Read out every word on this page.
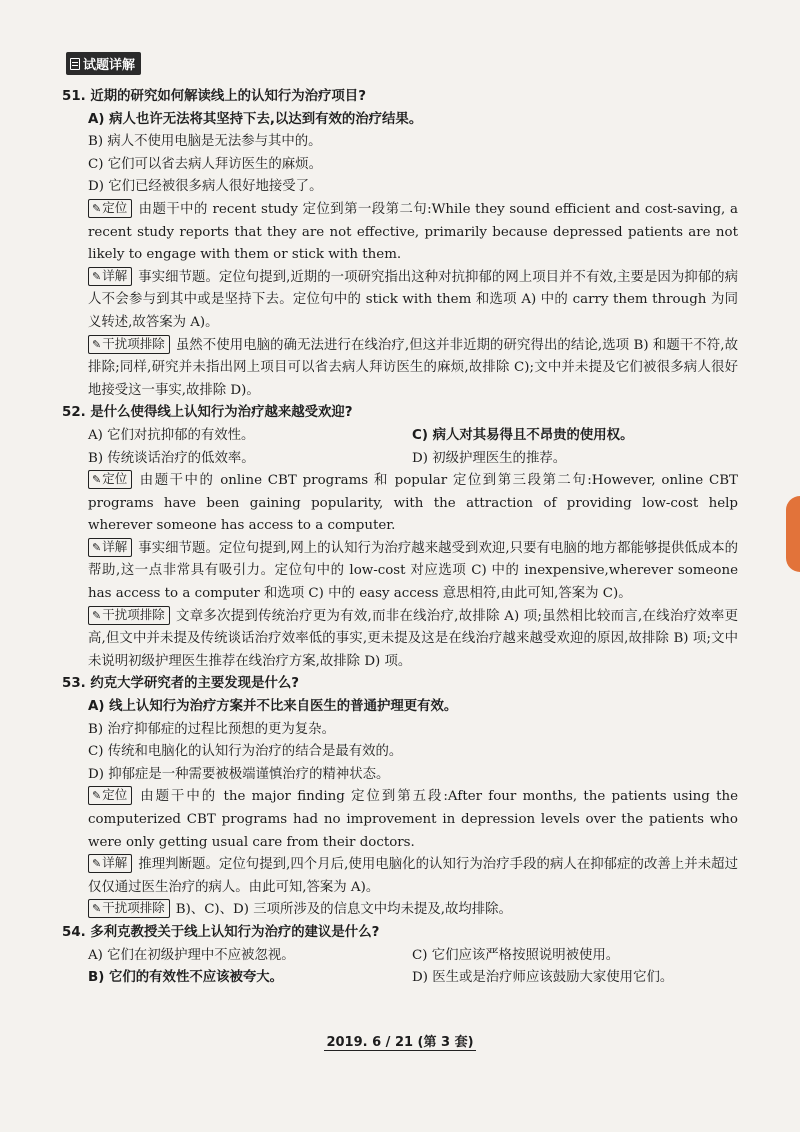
试题详解

51. 近期的研究如何解读线上的认知行为治疗项目?

A) 病人也许无法将其坚持下去,以达到有效的治疗结果。

B) 病人不使用电脑是无法参与其中的。

C) 它们可以省去病人拜访医生的麻烦。

D) 它们已经被很多病人很好地接受了。

✎定位 由题干中的 recent study 定位到第一段第二句:While they sound efficient and cost-saving, a recent study reports that they are not effective, primarily because depressed patients are not likely to engage with them or stick with them.

✎详解 事实细节题。定位句提到,近期的一项研究指出这种对抗抑郁的网上项目并不有效,主要是因为抑郁的病人不会参与到其中或是坚持下去。定位句中的 stick with them 和选项 A) 中的 carry them through 为同义转述,故答案为 A)。

✎干扰项排除 虽然不使用电脑的确无法进行在线治疗,但这并非近期的研究得出的结论,选项 B) 和题干不符,故排除;同样,研究并未指出网上项目可以省去病人拜访医生的麻烦,故排除 C);文中并未提及它们被很多病人很好地接受这一事实,故排除 D)。

52. 是什么使得线上认知行为治疗越来越受欢迎?

A) 它们对抗抑郁的有效性。	C) 病人对其易得且不昂贵的使用权。

B) 传统谈话治疗的低效率。	D) 初级护理医生的推荐。

✎定位 由题干中的 online CBT programs 和 popular 定位到第三段第二句:However, online CBT programs have been gaining popularity, with the attraction of providing low-cost help wherever someone has access to a computer.

✎详解 事实细节题。定位句提到,网上的认知行为治疗越来越受到欢迎,只要有电脑的地方都能够提供低成本的帮助,这一点非常具有吸引力。定位句中的 low-cost 对应选项 C) 中的 inexpensive,wherever someone has access to a computer 和选项 C) 中的 easy access 意思相符,由此可知,答案为 C)。

✎干扰项排除 文章多次提到传统治疗更为有效,而非在线治疗,故排除 A) 项;虽然相比较而言,在线治疗效率更高,但文中并未提及传统谈话治疗效率低的事实,更未提及这是在线治疗越来越受欢迎的原因,故排除 B) 项;文中未说明初级护理医生推荐在线治疗方案,故排除 D) 项。

53. 约克大学研究者的主要发现是什么?

A) 线上认知行为治疗方案并不比来自医生的普通护理更有效。

B) 治疗抑郁症的过程比预想的更为复杂。

C) 传统和电脑化的认知行为治疗的结合是最有效的。

D) 抑郁症是一种需要被极端谨慎治疗的精神状态。

✎定位 由题干中的 the major finding 定位到第五段:After four months, the patients using the computerized CBT programs had no improvement in depression levels over the patients who were only getting usual care from their doctors.

✎详解 推理判断题。定位句提到,四个月后,使用电脑化的认知行为治疗手段的病人在抑郁症的改善上并未超过仅仅通过医生治疗的病人。由此可知,答案为 A)。

✎干扰项排除 B)、C)、D) 三项所涉及的信息文中均未提及,故均排除。

54. 多利克教授关于线上认知行为治疗的建议是什么?

A) 它们在初级护理中不应被忽视。	C) 它们应该严格按照说明被使用。

B) 它们的有效性不应该被夸大。	D) 医生或是治疗师应该鼓励大家使用它们。

2019. 6 / 21 (第 3 套)
